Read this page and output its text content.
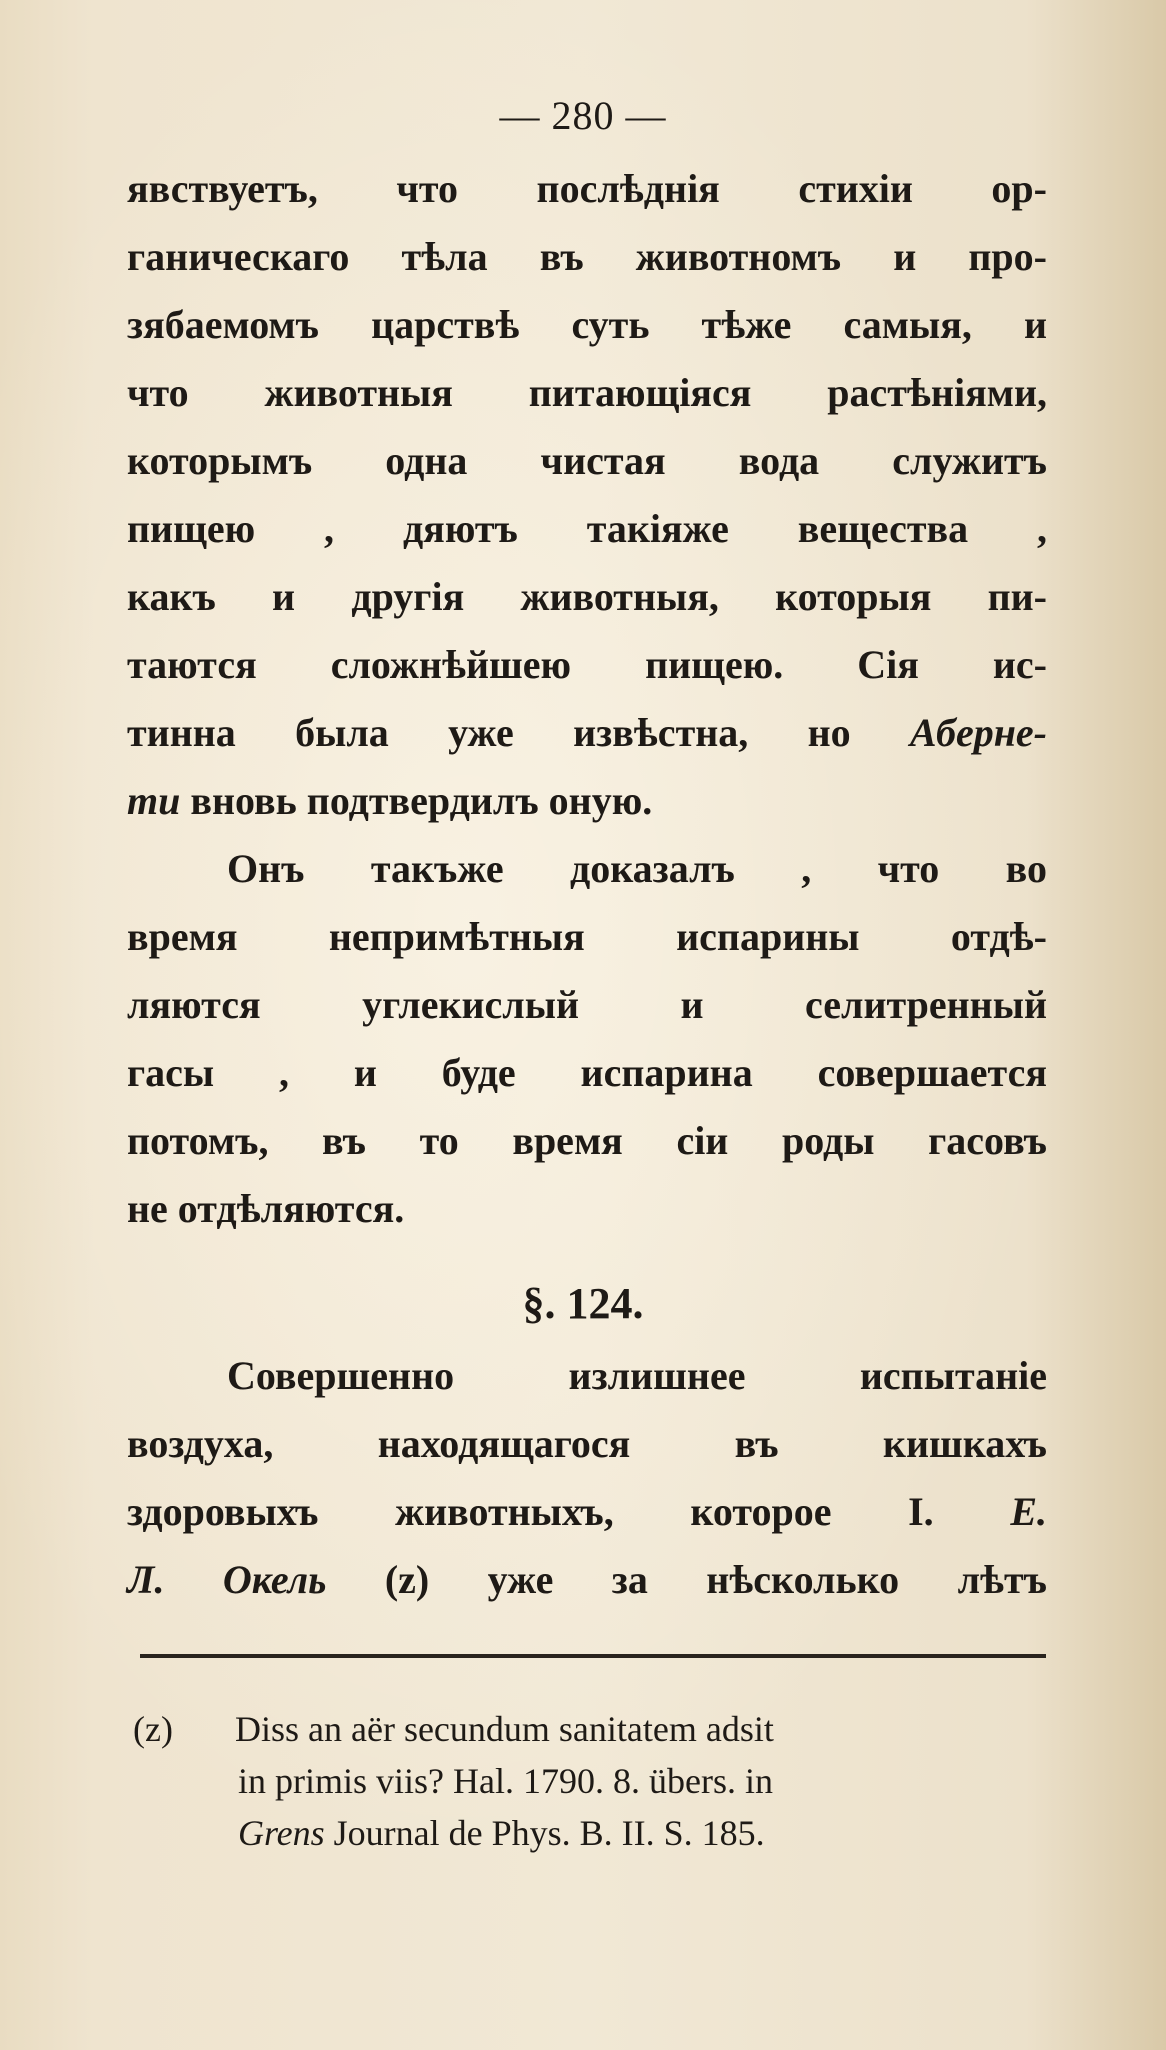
— 280 —
явствуетъ, что послѣднія стихіи ор-
ганическаго тѣла въ животномъ и про-
зябаемомъ царствѣ суть тѣже самыя, и
что животныя питающіяся растѣніями,
которымъ одна чистая вода служитъ
пищею , дяютъ такіяже вещества ,
какъ и другія животныя, которыя пи-
таются сложнѣйшею пищею. Сія ис-
тинна была уже извѣстна, но Аберне-
ти вновь подтвердилъ оную.
Онъ такъже доказалъ , что во
время непримѣтныя испарины отдѣ-
ляются углекислый и селитренный
гасы , и буде испарина совершается
потомъ, въ то время сіи роды гасовъ
не отдѣляются.
§. 124.
Совершенно излишнее испытаніе
воздуха, находящагося въ кишкахъ
здоровыхъ животныхъ, которое І. Е.
Л. Окель (z) уже за нѣсколько лѣтъ
(z) Diss an aër secundum sanitatem adsit
in primis viis? Hal. 1790. 8. übers. in
Grens Journal de Phys. B. II. S. 185.
